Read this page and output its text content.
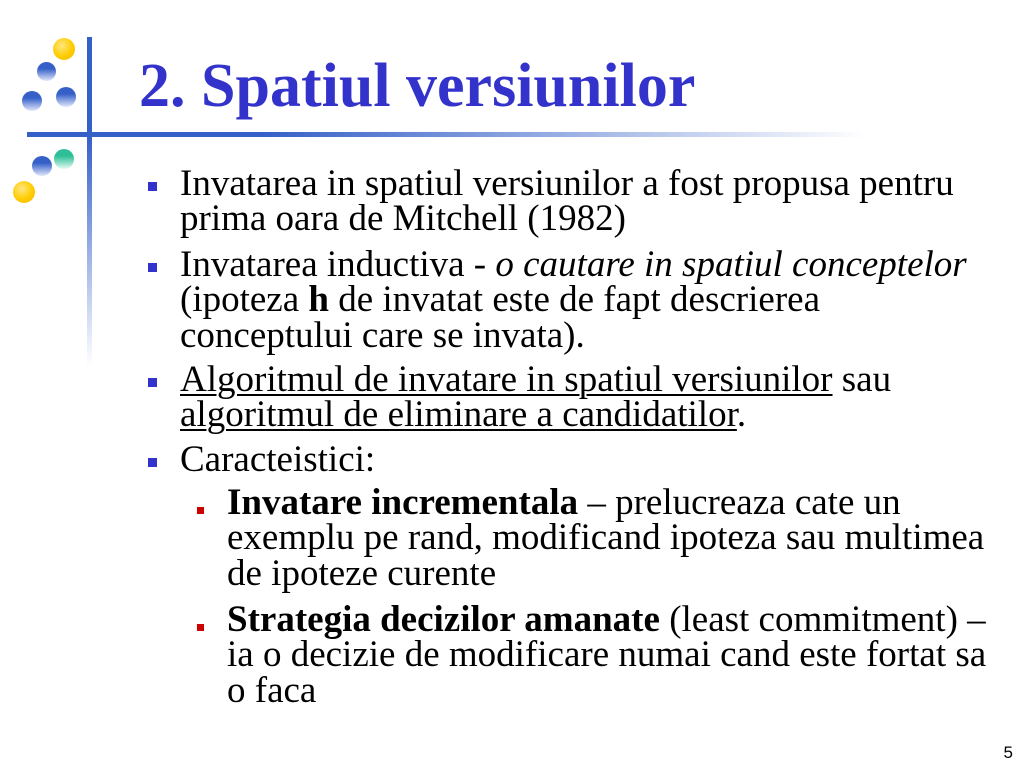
2. Spatiul versiunilor
Invatarea in spatiul versiunilor a fost propusa pentru
prima oara de Mitchell (1982)
Invatarea inductiva - o cautare in spatiul conceptelor
(ipoteza h de invatat este de fapt descrierea
conceptului care se invata).
Algoritmul de invatare in spatiul versiunilor sau
algoritmul de eliminare a candidatilor.
Caracteistici:
Invatare incrementala – prelucreaza cate un
exemplu pe rand, modificand ipoteza sau multimea
de ipoteze curente
Strategia decizilor amanate (least commitment) –
ia o decizie de modificare numai cand este fortat sa
o faca
5
